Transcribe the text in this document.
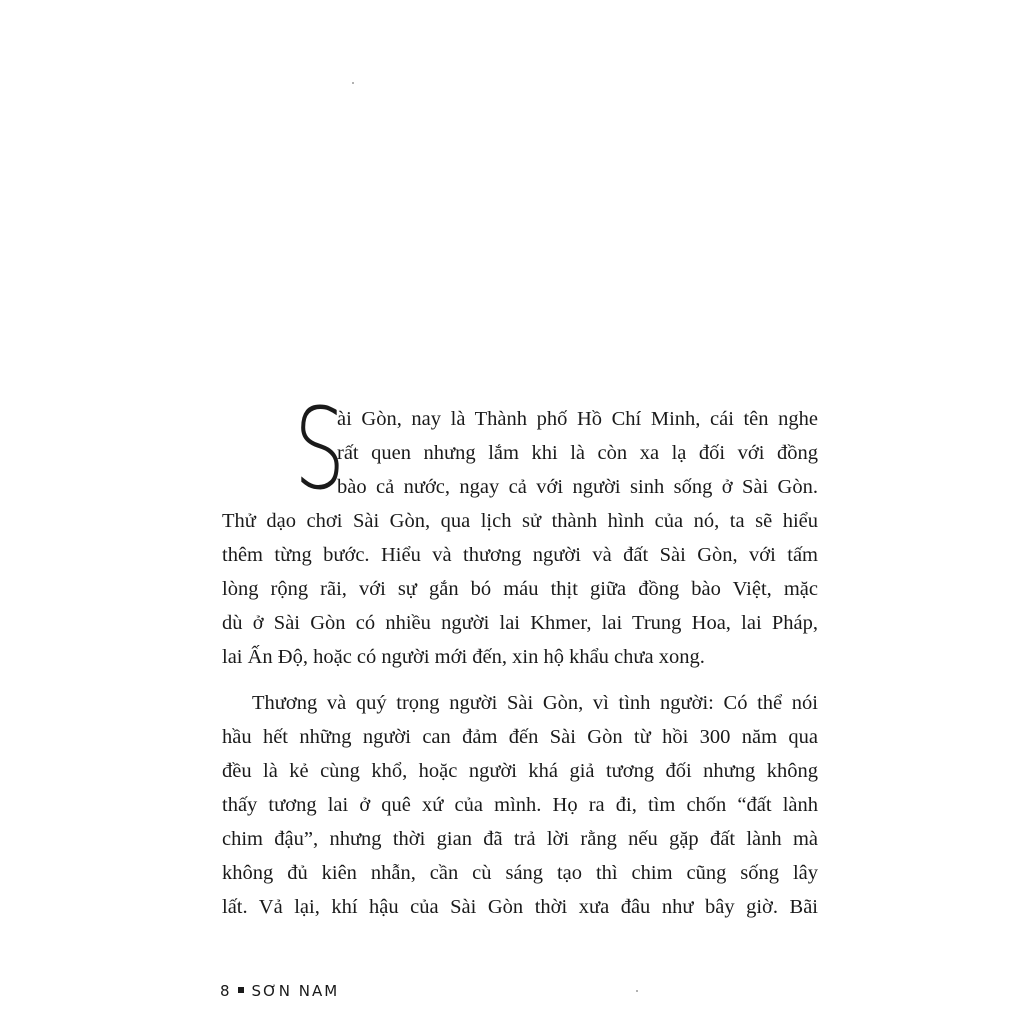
S
ài Gòn, nay là Thành phố Hồ Chí Minh, cái tên nghe
rất quen nhưng lắm khi là còn xa lạ đối với đồng
bào cả nước, ngay cả với người sinh sống ở Sài Gòn.
Thử dạo chơi Sài Gòn, qua lịch sử thành hình của nó, ta sẽ hiểu
thêm từng bước. Hiểu và thương người và đất Sài Gòn, với tấm
lòng rộng rãi, với sự gắn bó máu thịt giữa đồng bào Việt, mặc
dù ở Sài Gòn có nhiều người lai Khmer, lai Trung Hoa, lai Pháp,
lai Ấn Độ, hoặc có người mới đến, xin hộ khẩu chưa xong.
Thương và quý trọng người Sài Gòn, vì tình người: Có thể nói
hầu hết những người can đảm đến Sài Gòn từ hồi 300 năm qua
đều là kẻ cùng khổ, hoặc người khá giả tương đối nhưng không
thấy tương lai ở quê xứ của mình. Họ ra đi, tìm chốn “đất lành
chim đậu”, nhưng thời gian đã trả lời rằng nếu gặp đất lành mà
không đủ kiên nhẫn, cần cù sáng tạo thì chim cũng sống lây
lất. Vả lại, khí hậu của Sài Gòn thời xưa đâu như bây giờ. Bãi
8 SƠN NAM
